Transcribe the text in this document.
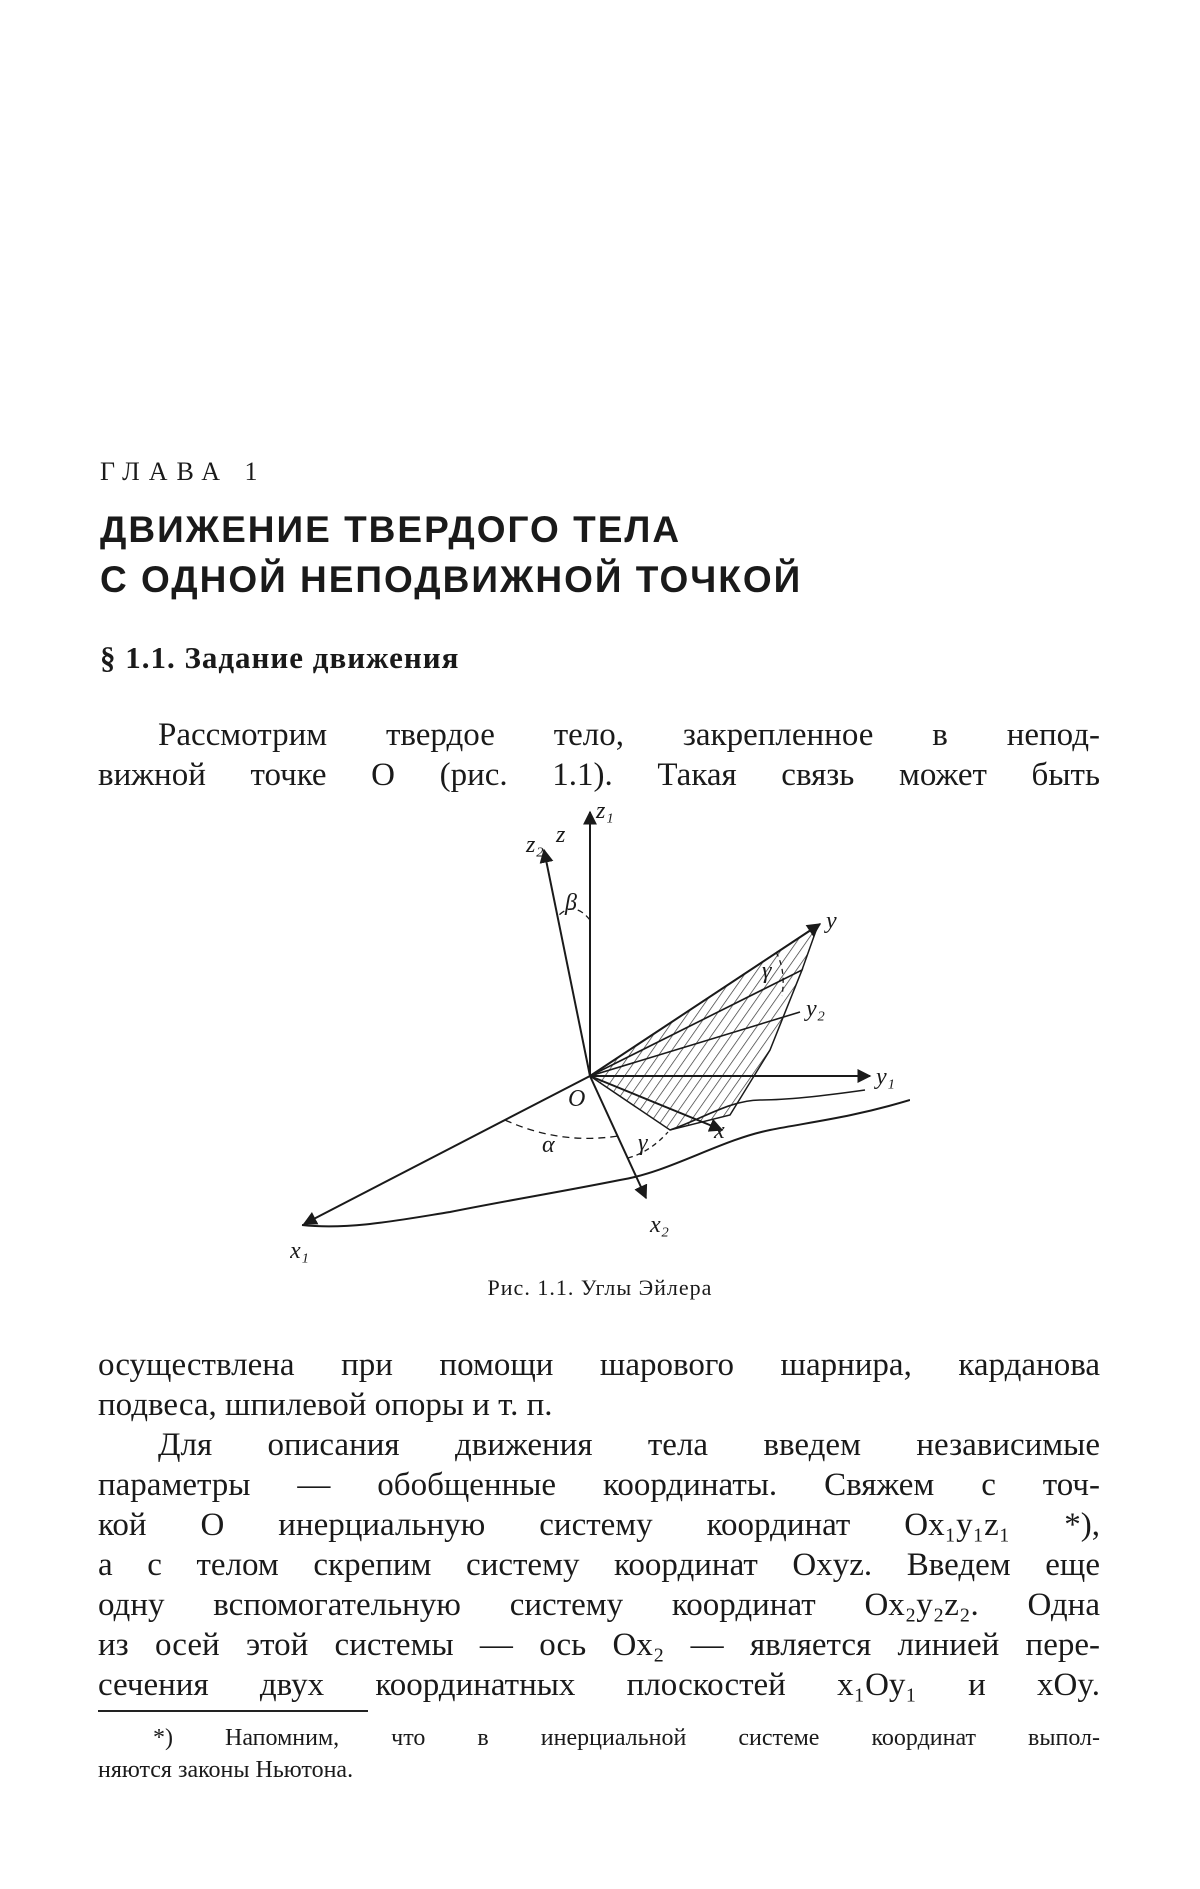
ГЛАВА 1
ДВИЖЕНИЕ ТВЕРДОГО ТЕЛА
С ОДНОЙ НЕПОДВИЖНОЙ ТОЧКОЙ
§ 1.1. Задание движения
Рассмотрим твердое тело, закрепленное в непод-
вижной точке O (рис. 1.1). Такая связь может быть
z₂ z
z₁
β
y
y₂
y₁
O
α
γ
γ	x
x₂
x₁
Рис. 1.1. Углы Эйлера
осуществлена при помощи шарового шарнира, карданова
подвеса, шпилевой опоры и т. п.
Для описания движения тела введем независимые
параметры — обобщенные координаты. Свяжем с точ-
кой O инерциальную систему координат Ox₁y₁z₁ *),
а с телом скрепим систему координат Oxyz. Введем еще
одну вспомогательную систему координат Ox₂y₂z₂. Одна
из осей этой системы — ось Ox₂ — является линией пере-
сечения двух координатных плоскостей x₁Oy₁ и xOy.
*) Напомним, что в инерциальной системе координат выпол-
няются законы Ньютона.
